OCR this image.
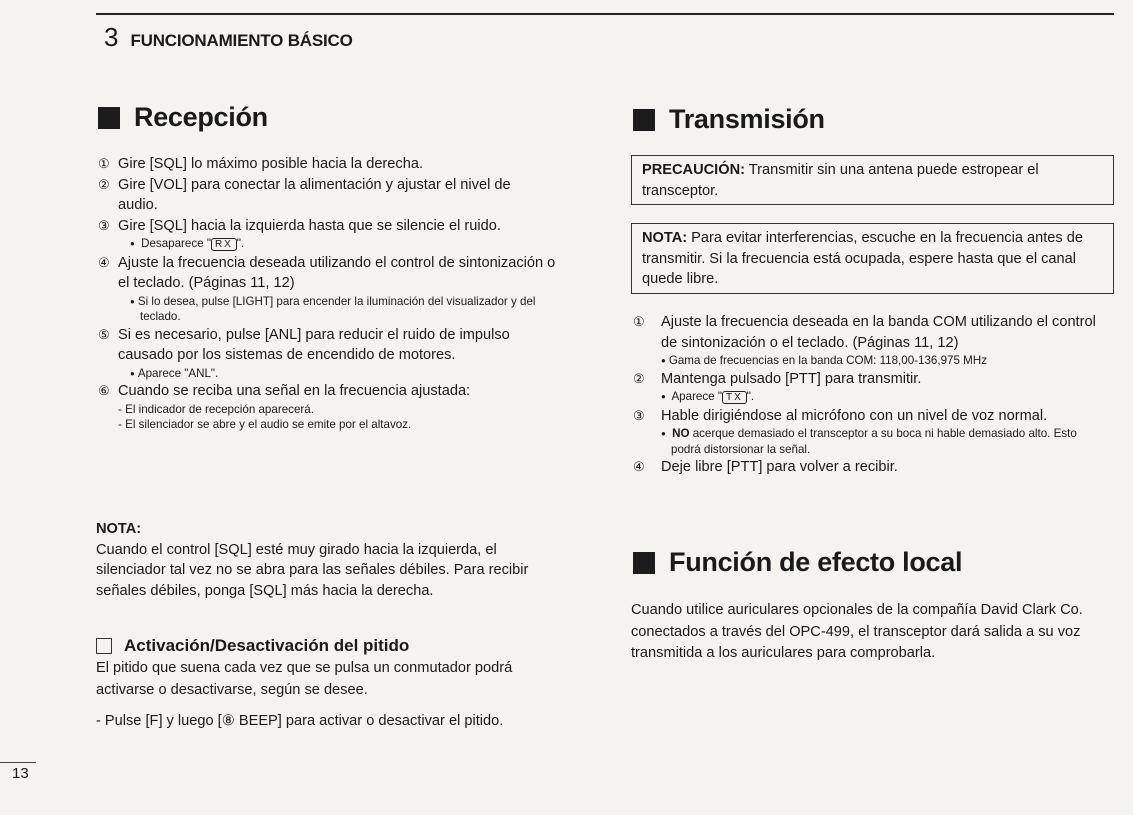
3 FUNCIONAMIENTO BÁSICO
Recepción
① Gire [SQL] lo máximo posible hacia la derecha.
② Gire [VOL] para conectar la alimentación y ajustar el nivel de audio.
③ Gire [SQL] hacia la izquierda hasta que se silencie el ruido.
● Desaparece " RX ".
④ Ajuste la frecuencia deseada utilizando el control de sintonización o el teclado. (Páginas 11, 12)
● Si lo desea, pulse [LIGHT] para encender la iluminación del visualizador y del teclado.
⑤ Si es necesario, pulse [ANL] para reducir el ruido de impulso causado por los sistemas de encendido de motores.
● Aparece "ANL".
⑥ Cuando se reciba una señal en la frecuencia ajustada:
- El indicador de recepción aparecerá.
- El silenciador se abre y el audio se emite por el altavoz.
NOTA:
Cuando el control [SQL] esté muy girado hacia la izquierda, el silenciador tal vez no se abra para las señales débiles. Para recibir señales débiles, ponga [SQL] más hacia la derecha.
Activación/Desactivación del pitido
El pitido que suena cada vez que se pulsa un conmutador podrá activarse o desactivarse, según se desee.
- Pulse [F] y luego [⑧ BEEP] para activar o desactivar el pitido.
Transmisión
PRECAUCIÓN: Transmitir sin una antena puede estropear el transceptor.
NOTA: Para evitar interferencias, escuche en la frecuencia antes de transmitir. Si la frecuencia está ocupada, espere hasta que el canal quede libre.
①	Ajuste la frecuencia deseada en la banda COM utilizando el control de sintonización o el teclado. (Páginas 11, 12)
● Gama de frecuencias en la banda COM: 118,00-136,975 MHz
②	Mantenga pulsado [PTT] para transmitir.
● Aparece " TX ".
③	Hable dirigiéndose al micrófono con un nivel de voz normal.
● NO acerque demasiado el transceptor a su boca ni hable demasiado alto. Esto podrá distorsionar la señal.
④	Deje libre [PTT] para volver a recibir.
Función de efecto local
Cuando utilice auriculares opcionales de la compañía David Clark Co. conectados a través del OPC-499, el transceptor dará salida a su voz transmitida a los auriculares para comprobarla.
13
